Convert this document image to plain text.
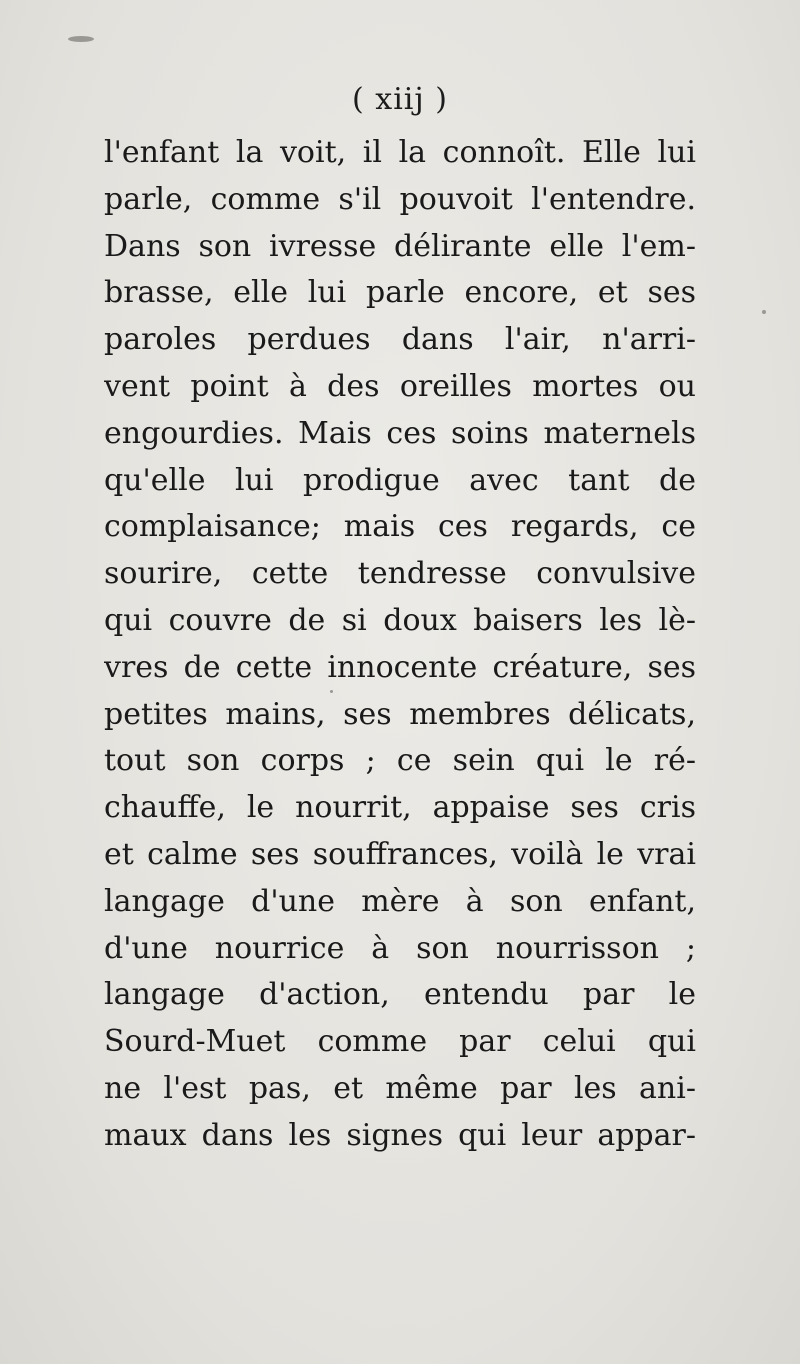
( xiij )
l'enfant la voit, il la connoît. Elle lui
parle, comme s'il pouvoit l'entendre.
Dans son ivresse délirante elle l'em-
brasse, elle lui parle encore, et ses
paroles perdues dans l'air, n'arri-
vent point à des oreilles mortes ou
engourdies. Mais ces soins maternels
qu'elle lui prodigue avec tant de
complaisance; mais ces regards, ce
sourire, cette tendresse convulsive
qui couvre de si doux baisers les lè-
vres de cette innocente créature, ses
petites mains, ses membres délicats,
tout son corps ; ce sein qui le ré-
chauffe, le nourrit, appaise ses cris
et calme ses souffrances, voilà le vrai
langage d'une mère à son enfant,
d'une nourrice à son nourrisson ;
langage d'action, entendu par le
Sourd-Muet comme par celui qui
ne l'est pas, et même par les ani-
maux dans les signes qui leur appar-
